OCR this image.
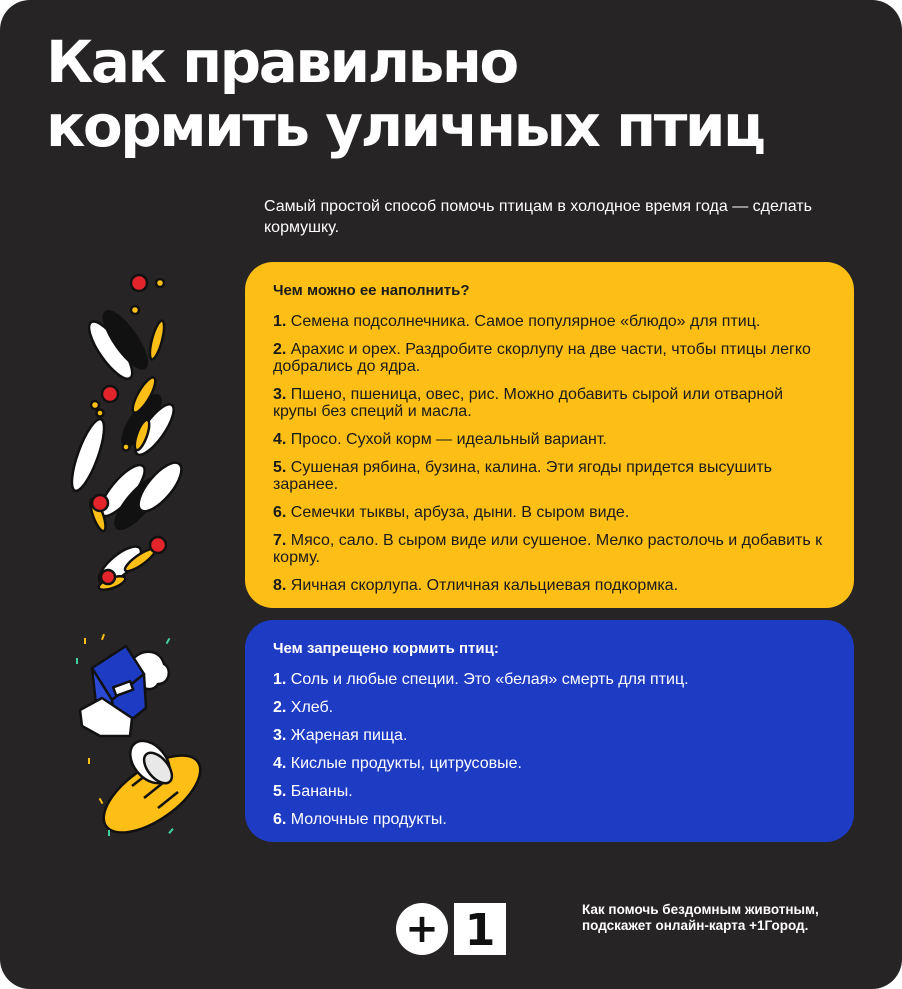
Как правильно
кормить уличных птиц
Самый простой способ помочь птицам в холодное время года — сделать кормушку.
Чем можно ее наполнить?
1. Семена подсолнечника. Самое популярное «блюдо» для птиц.
2. Арахис и орех. Раздробите скорлупу на две части, чтобы птицы легко добрались до ядра.
3. Пшено, пшеница, овес, рис. Можно добавить сырой или отварной крупы без специй и масла.
4. Просо. Сухой корм — идеальный вариант.
5. Сушеная рябина, бузина, калина. Эти ягоды придется высушить заранее.
6. Семечки тыквы, арбуза, дыни. В сыром виде.
7. Мясо, сало. В сыром виде или сушеное. Мелко растолочь и добавить к корму.
8. Яичная скорлупа. Отличная кальциевая подкормка.
Чем запрещено кормить птиц:
1. Соль и любые специи. Это «белая» смерть для птиц.
2. Хлеб.
3. Жареная пища.
4. Кислые продукты, цитрусовые.
5. Бананы.
6. Молочные продукты.
+ 1	Как помочь бездомным животным, подскажет онлайн-карта +1Город.
